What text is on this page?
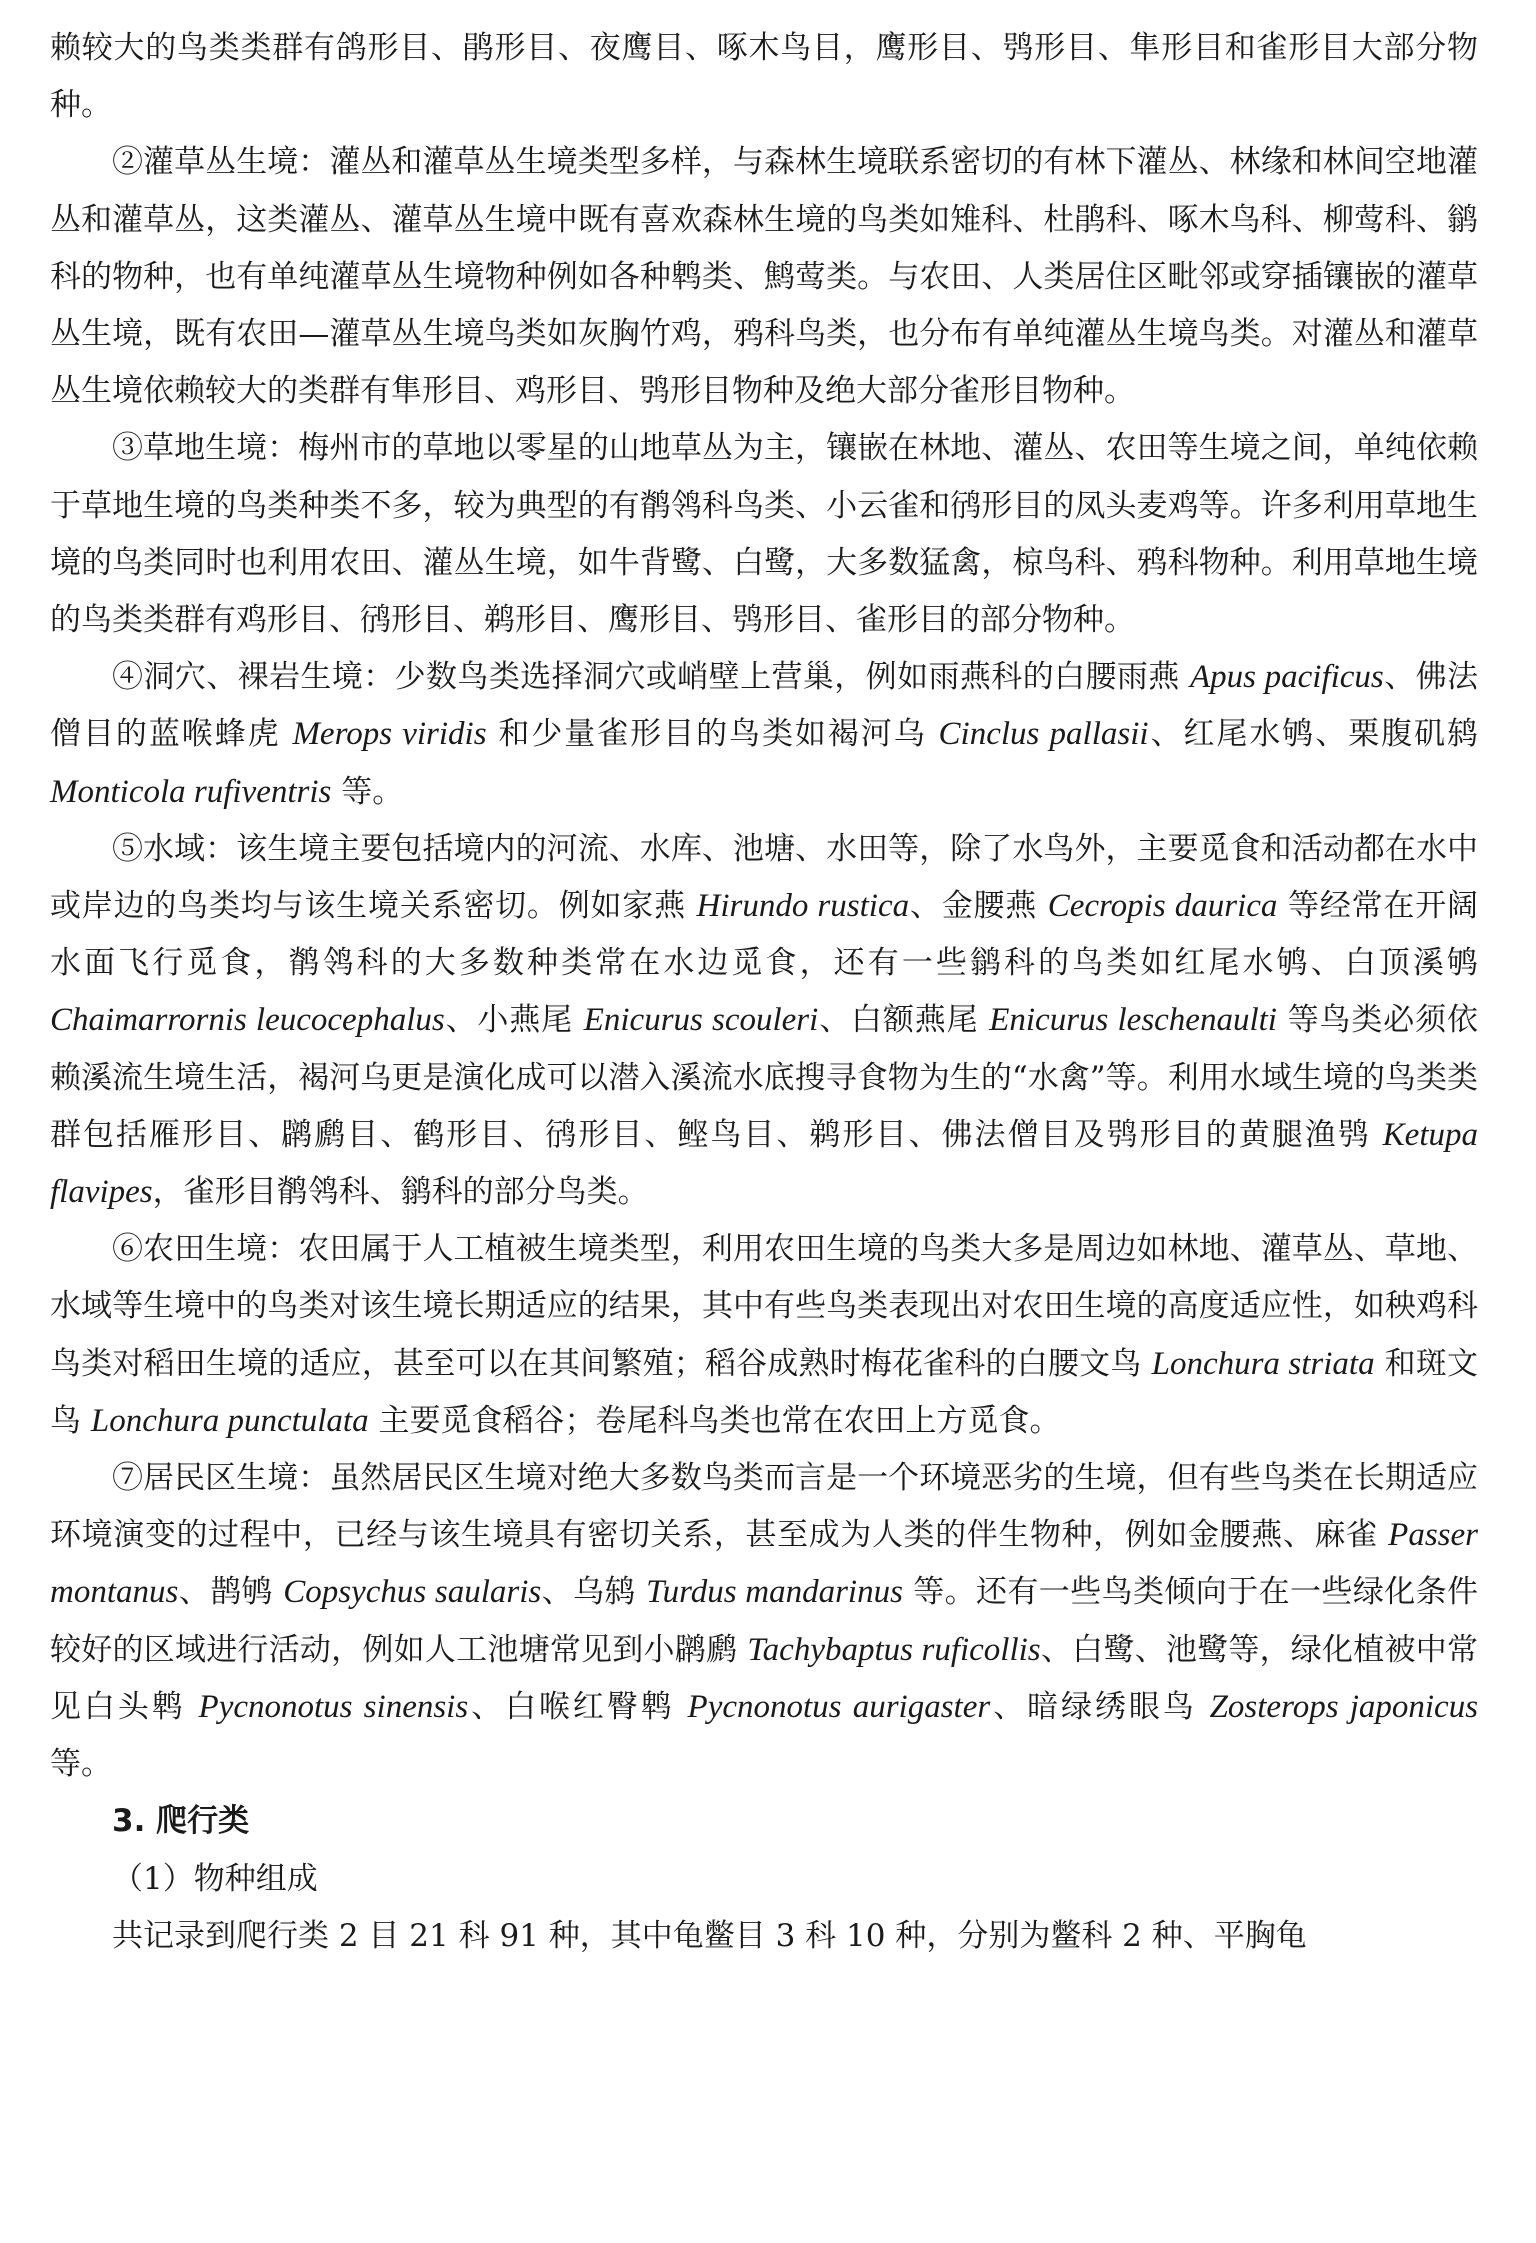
赖较大的鸟类类群有鸽形目、鹃形目、夜鹰目、啄木鸟目，鹰形目、鸮形目、隼形目和雀形目大部分物种。

②灌草丛生境：灌丛和灌草丛生境类型多样，与森林生境联系密切的有林下灌丛、林缘和林间空地灌丛和灌草丛，这类灌丛、灌草丛生境中既有喜欢森林生境的鸟类如雉科、杜鹃科、啄木鸟科、柳莺科、鹟科的物种，也有单纯灌草丛生境物种例如各种鹎类、鹪莺类。与农田、人类居住区毗邻或穿插镶嵌的灌草丛生境，既有农田—灌草丛生境鸟类如灰胸竹鸡，鸦科鸟类，也分布有单纯灌丛生境鸟类。对灌丛和灌草丛生境依赖较大的类群有隼形目、鸡形目、鸮形目物种及绝大部分雀形目物种。

③草地生境：梅州市的草地以零星的山地草丛为主，镶嵌在林地、灌丛、农田等生境之间，单纯依赖于草地生境的鸟类种类不多，较为典型的有鹡鸰科鸟类、小云雀和鸻形目的凤头麦鸡等。许多利用草地生境的鸟类同时也利用农田、灌丛生境，如牛背鹭、白鹭，大多数猛禽，椋鸟科、鸦科物种。利用草地生境的鸟类类群有鸡形目、鸻形目、鹈形目、鹰形目、鸮形目、雀形目的部分物种。

④洞穴、裸岩生境：少数鸟类选择洞穴或峭壁上营巢，例如雨燕科的白腰雨燕 Apus pacificus、佛法僧目的蓝喉蜂虎 Merops viridis 和少量雀形目的鸟类如褐河乌 Cinclus pallasii、红尾水鸲、栗腹矶鸫 Monticola rufiventris 等。

⑤水域：该生境主要包括境内的河流、水库、池塘、水田等，除了水鸟外，主要觅食和活动都在水中或岸边的鸟类均与该生境关系密切。例如家燕 Hirundo rustica、金腰燕 Cecropis daurica 等经常在开阔水面飞行觅食，鹡鸰科的大多数种类常在水边觅食，还有一些鹟科的鸟类如红尾水鸲、白顶溪鸲 Chaimarrornis leucocephalus、小燕尾 Enicurus scouleri、白额燕尾 Enicurus leschenaulti 等鸟类必须依赖溪流生境生活，褐河乌更是演化成可以潜入溪流水底搜寻食物为生的“水禽”等。利用水域生境的鸟类类群包括雁形目、䴙䴘目、鹤形目、鸻形目、鲣鸟目、鹈形目、佛法僧目及鸮形目的黄腿渔鸮 Ketupa flavipes，雀形目鹡鸰科、鹟科的部分鸟类。

⑥农田生境：农田属于人工植被生境类型，利用农田生境的鸟类大多是周边如林地、灌草丛、草地、水域等生境中的鸟类对该生境长期适应的结果，其中有些鸟类表现出对农田生境的高度适应性，如秧鸡科鸟类对稻田生境的适应，甚至可以在其间繁殖；稻谷成熟时梅花雀科的白腰文鸟 Lonchura striata 和斑文鸟 Lonchura punctulata 主要觅食稻谷；卷尾科鸟类也常在农田上方觅食。

⑦居民区生境：虽然居民区生境对绝大多数鸟类而言是一个环境恶劣的生境，但有些鸟类在长期适应环境演变的过程中，已经与该生境具有密切关系，甚至成为人类的伴生物种，例如金腰燕、麻雀 Passer montanus、鹊鸲 Copsychus saularis、乌鸫 Turdus mandarinus 等。还有一些鸟类倾向于在一些绿化条件较好的区域进行活动，例如人工池塘常见到小䴙䴘 Tachybaptus ruficollis、白鹭、池鹭等，绿化植被中常见白头鹎 Pycnonotus sinensis、白喉红臀鹎 Pycnonotus aurigaster、暗绿绣眼鸟 Zosterops japonicus 等。

3. 爬行类

（1）物种组成

共记录到爬行类 2 目 21 科 91 种，其中龟鳖目 3 科 10 种，分别为鳖科 2 种、平胸龟
